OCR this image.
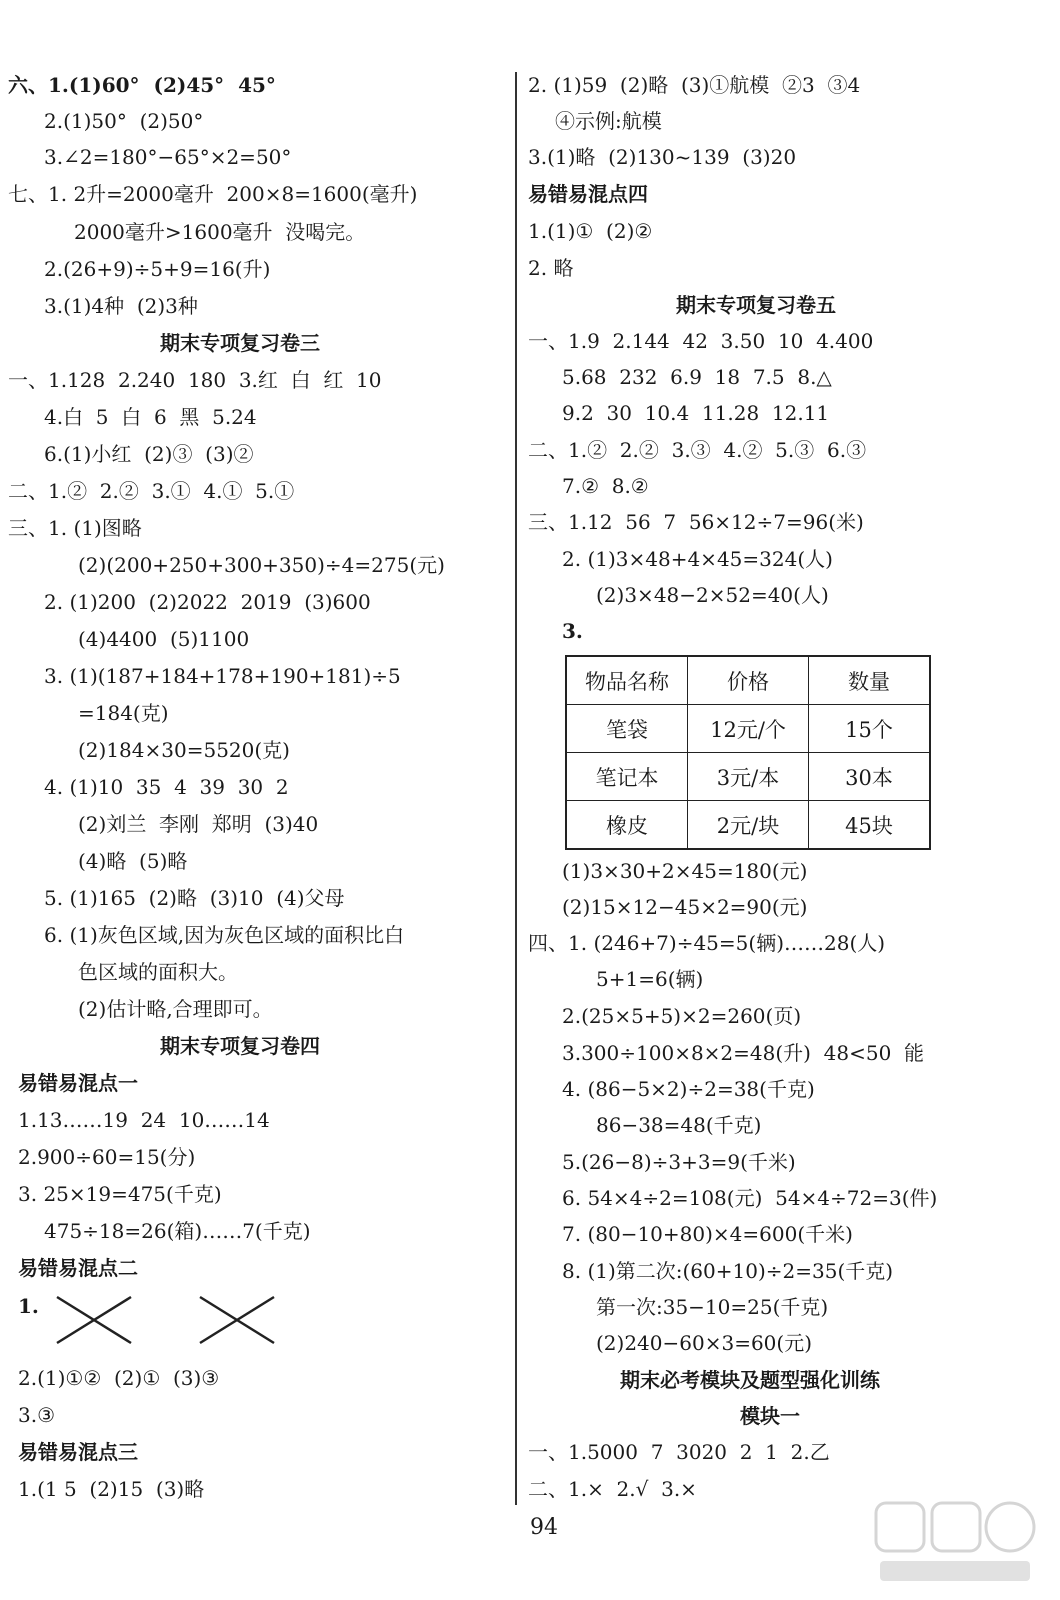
六、1.(1)60°  (2)45°  45°
2.(1)50°  (2)50°
3.∠2=180°−65°×2=50°
七、1. 2升=2000毫升  200×8=1600(毫升)
2000毫升>1600毫升  没喝完。
2.(26+9)÷5+9=16(升)
3.(1)4种  (2)3种
期末专项复习卷三
一、1.128  2.240  180  3.红  白  红  10
4.白  5  白  6  黑  5.24
6.(1)小红  (2)③  (3)②
二、1.②  2.②  3.①  4.①  5.①
三、1. (1)图略
(2)(200+250+300+350)÷4=275(元)
2. (1)200  (2)2022  2019  (3)600
(4)4400  (5)1100
3. (1)(187+184+178+190+181)÷5
=184(克)
(2)184×30=5520(克)
4. (1)10  35  4  39  30  2
(2)刘兰  李刚  郑明  (3)40
(4)略  (5)略
5. (1)165  (2)略  (3)10  (4)父母
6. (1)灰色区域,因为灰色区域的面积比白
色区域的面积大。
(2)估计略,合理即可。
期末专项复习卷四
易错易混点一
1.13……19  24  10……14
2.900÷60=15(分)
3. 25×19=475(千克)
475÷18=26(箱)……7(千克)
易错易混点二
1.
2.(1)①②  (2)①  (3)③
3.③
易错易混点三
1.(1 5  (2)15  (3)略
2. (1)59  (2)略  (3)①航模  ②3  ③4
④示例:航模
3.(1)略  (2)130~139  (3)20
易错易混点四
1.(1)①  (2)②
2. 略
期末专项复习卷五
一、1.9  2.144  42  3.50  10  4.400
5.68  232  6.9  18  7.5  8.△
9.2  30  10.4  11.28  12.11
二、1.②  2.②  3.③  4.②  5.③  6.③
7.②  8.②
三、1.12  56  7  56×12÷7=96(米)
2. (1)3×48+4×45=324(人)
(2)3×48−2×52=40(人)
3.
物品名称	价格	数量
笔袋	12元/个	15个
笔记本	3元/本	30本
橡皮	2元/块	45块
(1)3×30+2×45=180(元)
(2)15×12−45×2=90(元)
四、1. (246+7)÷45=5(辆)……28(人)
5+1=6(辆)
2.(25×5+5)×2=260(页)
3.300÷100×8×2=48(升)  48<50  能
4. (86−5×2)÷2=38(千克)
86−38=48(千克)
5.(26−8)÷3+3=9(千米)
6. 54×4÷2=108(元)  54×4÷72=3(件)
7. (80−10+80)×4=600(千米)
8. (1)第二次:(60+10)÷2=35(千克)
第一次:35−10=25(千克)
(2)240−60×3=60(元)
期末必考模块及题型强化训练
模块一
一、1.5000  7  3020  2  1  2.乙
二、1.×  2.√  3.×
94
